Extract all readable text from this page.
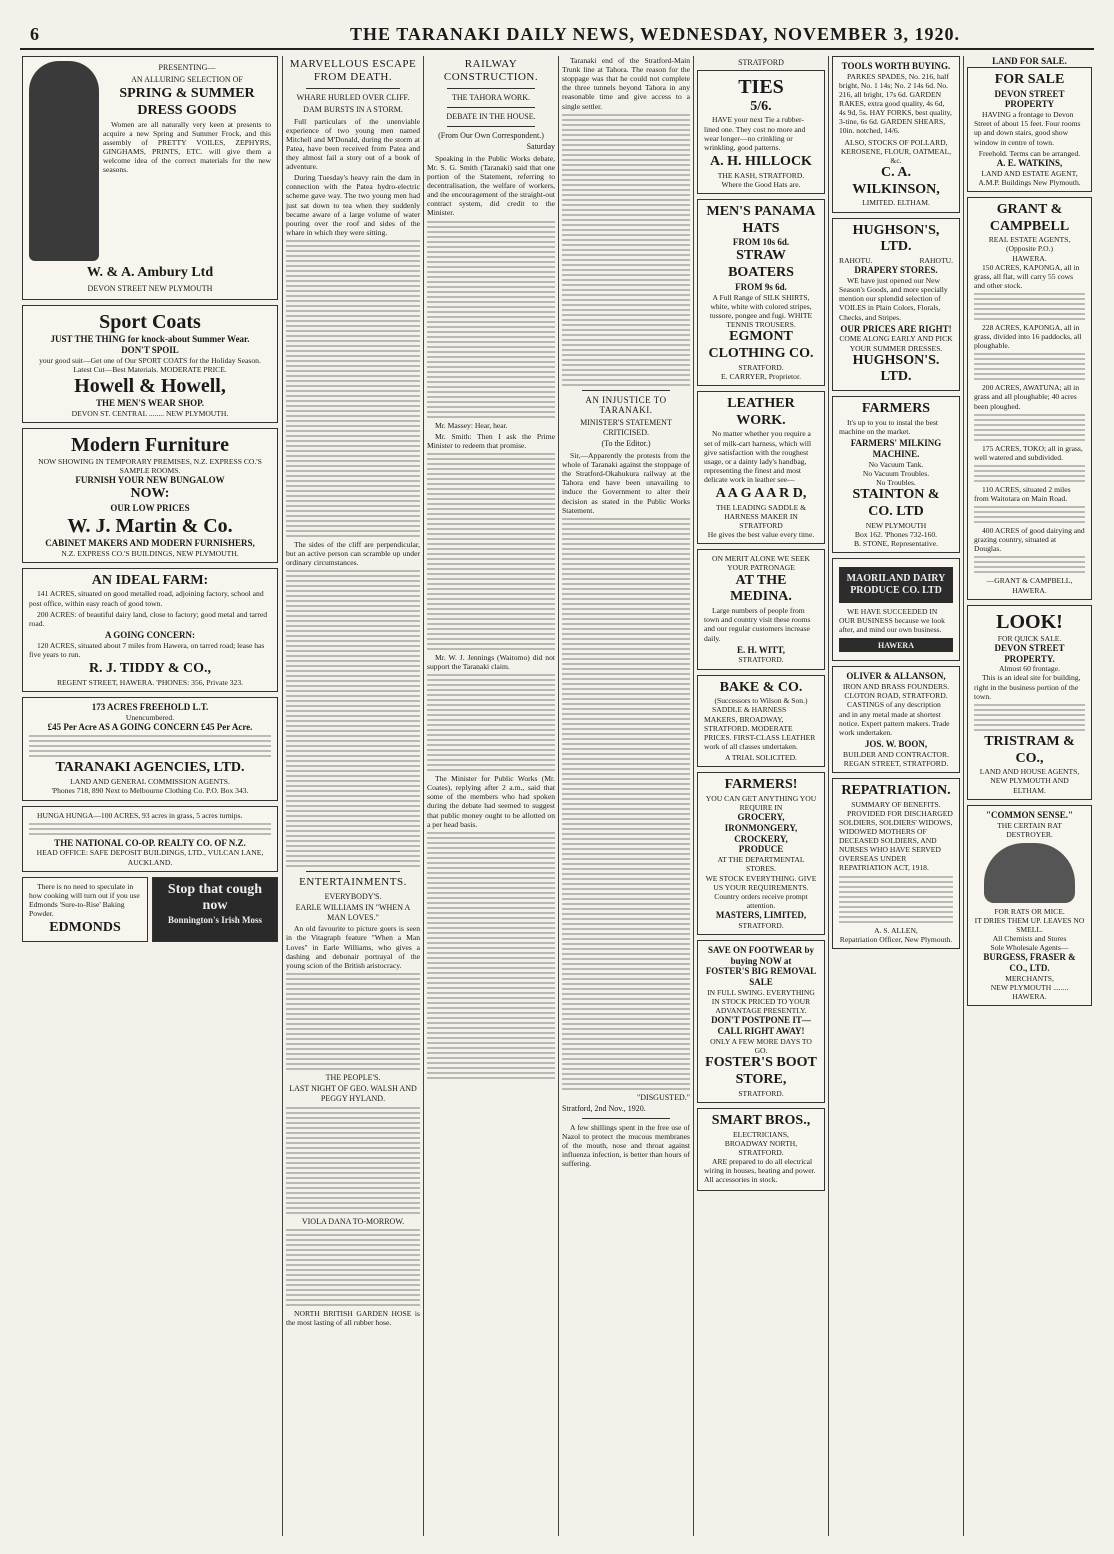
6	THE TARANAKI DAILY NEWS, WEDNESDAY, NOVEMBER 3, 1920.
PRESENTING—
AN ALLURING SELECTION OF
SPRING & SUMMER DRESS GOODS
Women are all naturally very keen at presents to acquire a new Spring and Summer Frock, and this assembly of PRETTY VOILES, ZEPHYRS, GINGHAMS, PRINTS, ETC. will give them a welcome idea of the correct materials for the new seasons.
W. & A. Ambury Ltd
DEVON STREET NEW PLYMOUTH
Sport Coats
JUST THE THING for knock-about Summer Wear.
DON'T SPOIL
your good suit—Get one of Our SPORT COATS for the Holiday Season. Latest Cut—Best Materials. MODERATE PRICE.
Howell & Howell,
THE MEN'S WEAR SHOP.
DEVON ST. CENTRAL ........ NEW PLYMOUTH.
Modern Furniture
NOW SHOWING IN TEMPORARY PREMISES, N.Z. EXPRESS CO.'S SAMPLE ROOMS.
FURNISH YOUR NEW BUNGALOW
NOW:
OUR LOW PRICES
W. J. Martin & Co.
CABINET MAKERS AND MODERN FURNISHERS,
N.Z. EXPRESS CO.'S BUILDINGS, NEW PLYMOUTH.
AN IDEAL FARM:
141 ACRES, situated on good metalled road, adjoining factory, school and post office, within easy reach of good town.
200 ACRES: of beautiful dairy land, close to factory; good metal and tarred road.
A GOING CONCERN:
120 ACRES, situated about 7 miles from Hawera, on tarred road; lease has five years to run.
R. J. TIDDY & CO.,
REGENT STREET, HAWERA. 'PHONES: 356, Private 323.
173 ACRES FREEHOLD L.T.
Unencumbered.
£45 Per Acre AS A GOING CONCERN £45 Per Acre.
TARANAKI AGENCIES, LTD.
LAND AND GENERAL COMMISSION AGENTS.
'Phones 718, 890 Next to Melbourne Clothing Co. P.O. Box 343.
HUNGA HUNGA—100 ACRES, 93 acres in grass, 5 acres turnips.
THE NATIONAL CO-OP. REALTY CO. OF N.Z.
HEAD OFFICE: SAFE DEPOSIT BUILDINGS, LTD., VULCAN LANE, AUCKLAND.
There is no need to speculate in how cooking will turn out if you use Edmonds 'Sure-to-Rise' Baking Powder.
EDMONDS
Stop that cough now
Bonnington's Irish Moss
MARVELLOUS ESCAPE FROM DEATH.
WHARE HURLED OVER CLIFF.
DAM BURSTS IN A STORM.
Full particulars of the unenviable experience of two young men named Mitchell and M'Donald, during the storm at Patea, have been received from Patea and they almost fail a story out of a book of adventure.
During Tuesday's heavy rain the dam in connection with the Patea hydro-electric scheme gave way. The two young men had just sat down to tea when they suddenly became aware of a large volume of water pouring over the roof and sides of the whare in which they were sitting.
The sides of the cliff are perpendicular, but an active person can scramble up under ordinary circumstances.
ENTERTAINMENTS.
EVERYBODY'S.
EARLE WILLIAMS IN "WHEN A MAN LOVES."
An old favourite to picture goers is seen in the Vitagraph feature "When a Man Loves" in Earle Williams, who gives a dashing and debonair portrayal of the young scion of the British aristocracy.
THE PEOPLE'S.
LAST NIGHT OF GEO. WALSH AND PEGGY HYLAND.
VIOLA DANA TO-MORROW.
NORTH BRITISH GARDEN HOSE is the most lasting of all rubber hose.
RAILWAY CONSTRUCTION.
THE TAHORA WORK.
DEBATE IN THE HOUSE.
(From Our Own Correspondent.)
Saturday
Speaking in the Public Works debate, Mr. S. G. Smith (Taranaki) said that one portion of the Statement, referring to decentralisation, the welfare of workers, and the encouragement of the straight-out contract system, did credit to the Minister.
Mr. Massey: Hear, hear.
Mr. Smith: Then I ask the Prime Minister to redeem that promise.
Mr. W. J. Jennings (Waitomo) did not support the Taranaki claim.
The Minister for Public Works (Mr. Coates), replying after 2 a.m., said that some of the members who had spoken during the debate had seemed to suggest that public money ought to be allotted on a per head basis.
Taranaki end of the Stratford-Main Trunk line at Tahora. The reason for the stoppage was that he could not complete the three tunnels beyond Tahora in any reasonable time and give access to a single settler.
AN INJUSTICE TO TARANAKI.
MINISTER'S STATEMENT CRITICISED.
(To the Editor.)
Sir,—Apparently the protests from the whole of Taranaki against the stoppage of the Stratford-Okahukura railway at the Tahora end have been unavailing to induce the Government to alter their decision as stated in the Public Works Statement.
"DISGUSTED."
Stratford, 2nd Nov., 1920.
A few shillings spent in the free use of Nazol to protect the mucous membranes of the mouth, nose and throat against influenza infection, is better than hours of suffering.
STRATFORD
TIES
5/6.
HAVE your next Tie a rubber-lined one. They cost no more and wear longer—no crinkling or wrinkling, good patterns.
A. H. HILLOCK
THE KASH, STRATFORD.
Where the Good Hats are.
MEN'S PANAMA HATS
FROM 10s 6d.
STRAW BOATERS
FROM 9s 6d.
A Full Range of SILK SHIRTS, white, white with colored stripes, tussore, pongee and fugi. WHITE TENNIS TROUSERS.
EGMONT CLOTHING CO.
STRATFORD.
E. CARRYER, Proprietor.
LEATHER WORK.
No matter whether you require a set of milk-cart harness, which will give satisfaction with the roughest usage, or a dainty lady's handbag, representing the finest and most delicate work in leather see—
A A G A A R D,
THE LEADING SADDLE & HARNESS MAKER IN STRATFORD
He gives the best value every time.
ON MERIT ALONE WE SEEK YOUR PATRONAGE
AT THE MEDINA.
Large numbers of people from town and country visit these rooms and our regular customers increase daily.
E. H. WITT,
STRATFORD.
BAKE & CO.
(Successors to Wilson & Son.)
SADDLE & HARNESS MAKERS, BROADWAY, STRATFORD. MODERATE PRICES. FIRST-CLASS LEATHER work of all classes undertaken.
A TRIAL SOLICITED.
FARMERS!
YOU CAN GET ANYTHING YOU REQUIRE IN
GROCERY,
IRONMONGERY,
CROCKERY,
PRODUCE
AT THE DEPARTMENTAL STORES.
WE STOCK EVERYTHING. GIVE US YOUR REQUIREMENTS.
Country orders receive prompt attention.
MASTERS, LIMITED,
STRATFORD.
SAVE ON FOOTWEAR by buying NOW at
FOSTER'S BIG REMOVAL SALE
IN FULL SWING. EVERYTHING IN STOCK PRICED TO YOUR ADVANTAGE PRESENTLY.
DON'T POSTPONE IT—CALL RIGHT AWAY!
ONLY A FEW MORE DAYS TO GO.
FOSTER'S BOOT STORE,
STRATFORD.
SMART BROS.,
ELECTRICIANS,
BROADWAY NORTH, STRATFORD.
ARE prepared to do all electrical wiring in houses, heating and power. All accessories in stock.
TOOLS WORTH BUYING.
PARKES SPADES, No. 216, half bright, No. 1 14s; No. 2 14s 6d. No. 216, all bright, 17s 6d. GARDEN RAKES, extra good quality, 4s 6d, 4s 9d, 5s. HAY FORKS, best quality, 3-tine, 6s 6d. GARDEN SHEARS, 10in. notched, 14/6.
ALSO, STOCKS OF POLLARD, KEROSENE, FLOUR, OATMEAL, &c.
C. A. WILKINSON,
LIMITED. ELTHAM.
HUGHSON'S, LTD.
RAHOTU.	RAHOTU.
DRAPERY STORES.
WE have just opened our New Season's Goods, and more specially mention our splendid selection of VOILES in Plain Colors, Florals, Checks, and Stripes.
OUR PRICES ARE RIGHT!
COME ALONG EARLY AND PICK YOUR SUMMER DRESSES.
HUGHSON'S. LTD.
FARMERS
It's up to you to instal the best machine on the market.
FARMERS' MILKING MACHINE.
No Vacuum Tank.
No Vacuum Troubles.
No Troubles.
STAINTON & CO. LTD
NEW PLYMOUTH
Box 162. 'Phones 732-160.
B. STONE, Representative.
MAORILAND DAIRY PRODUCE CO. LTD
WE HAVE SUCCEEDED IN OUR BUSINESS because we look after, and mind our own business.
HAWERA
OLIVER & ALLANSON,
IRON AND BRASS FOUNDERS. CLOTON ROAD, STRATFORD.
CASTINGS of any description and in any metal made at shortest notice. Expert pattern makers. Trade work undertaken.
JOS. W. BOON,
BUILDER AND CONTRACTOR. REGAN STREET, STRATFORD.
REPATRIATION.
SUMMARY OF BENEFITS.
PROVIDED FOR DISCHARGED SOLDIERS, SOLDIERS' WIDOWS, WIDOWED MOTHERS OF DECEASED SOLDIERS, AND NURSES WHO HAVE SERVED OVERSEAS UNDER REPATRIATION ACT, 1918.
A. S. ALLEN,
Repatriation Officer, New Plymouth.
LAND FOR SALE.
FOR SALE
DEVON STREET PROPERTY
HAVING a frontage to Devon Street of about 15 feet. Four rooms up and down stairs, good show window in centre of town.
Freehold. Terms can be arranged.
A. E. WATKINS,
LAND AND ESTATE AGENT,
A.M.P. Buildings New Plymouth.
GRANT & CAMPBELL
REAL ESTATE AGENTS,
(Opposite P.O.)
HAWERA.
150 ACRES, KAPONGA, all in grass, all flat, will carry 55 cows and other stock.
228 ACRES, KAPONGA, all in grass, divided into 16 paddocks, all ploughable.
200 ACRES, AWATUNA; all in grass and all ploughable; 40 acres been ploughed.
175 ACRES, TOKO; all in grass, well watered and subdivided.
110 ACRES, situated 2 miles from Waitotara on Main Road.
400 ACRES of good dairying and grazing country, situated at Douglas.
—GRANT & CAMPBELL, HAWERA.
LOOK!
FOR QUICK SALE.
DEVON STREET PROPERTY.
Almost 60 frontage.
This is an ideal site for building, right in the business portion of the town.
TRISTRAM & CO.,
LAND AND HOUSE AGENTS,
NEW PLYMOUTH AND ELTHAM.
"COMMON SENSE."
THE CERTAIN RAT DESTROYER.
FOR RATS OR MICE.
IT DRIES THEM UP. LEAVES NO SMELL.
All Chemists and Stores
Sole Wholesale Agents—
BURGESS, FRASER & CO., LTD.
MERCHANTS,
NEW PLYMOUTH ........ HAWERA.
